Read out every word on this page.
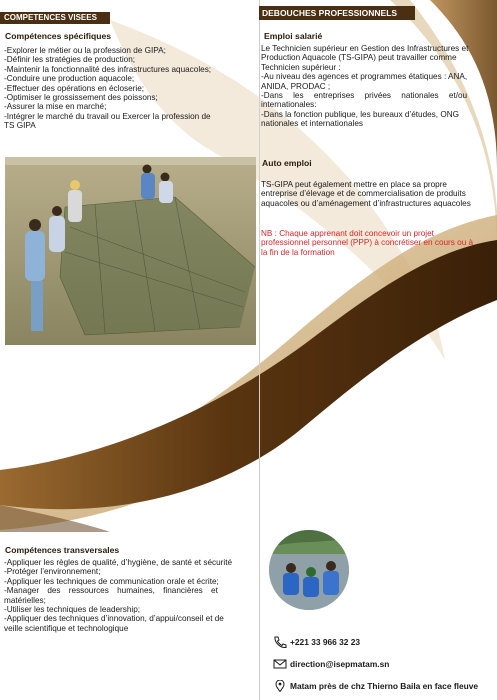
COMPETENCES VISEES
Compétences spécifiques
-Explorer le métier ou la profession de GIPA;
-Définir les stratégies de production;
-Maintenir la fonctionnalité des infrastructures aquacoles;
-Conduire une production aquacole;
-Effectuer des opérations en écloserie;
-Optimiser le grossissement des poissons;
-Assurer la mise en marché;
-Intégrer le marché du travail ou Exercer la profession de
TS GIPA
Compétences transversales
-Appliquer les règles de qualité, d’hygiène, de santé et sécurité
-Protéger l’environnement;
-Appliquer les techniques de communication orale et écrite;
-Manager des ressources humaines, financières et
matérielles;
-Utiliser les techniques de leadership;
-Appliquer des techniques d’innovation, d’appui/conseil et de
veille scientifique et technologique
DEBOUCHES PROFESSIONNELS
Emploi salarié
Le Technicien supérieur en Gestion des Infrastructures et
Production Aquacole (TS-GIPA) peut travailler comme
Technicien supérieur :
-Au niveau des agences et programmes étatiques : ANA,
ANIDA, PRODAC ;
-Dans les entreprises privées nationales et/ou
internationales:
-Dans la fonction publique, les bureaux d’études, ONG
nationales et internationales
Auto emploi
TS-GIPA peut également mettre en place sa propre
entreprise d’élevage et de commercialisation de produits
aquacoles ou d’aménagement d’infrastructures aquacoles
NB : Chaque apprenant doit concevoir un projet
professionnel personnel (PPP) à concrétiser en cours ou à
la fin de la formation
+221 33 966 32 23
direction@isepmatam.sn
Matam près de chz Thierno Baila en face fleuve
